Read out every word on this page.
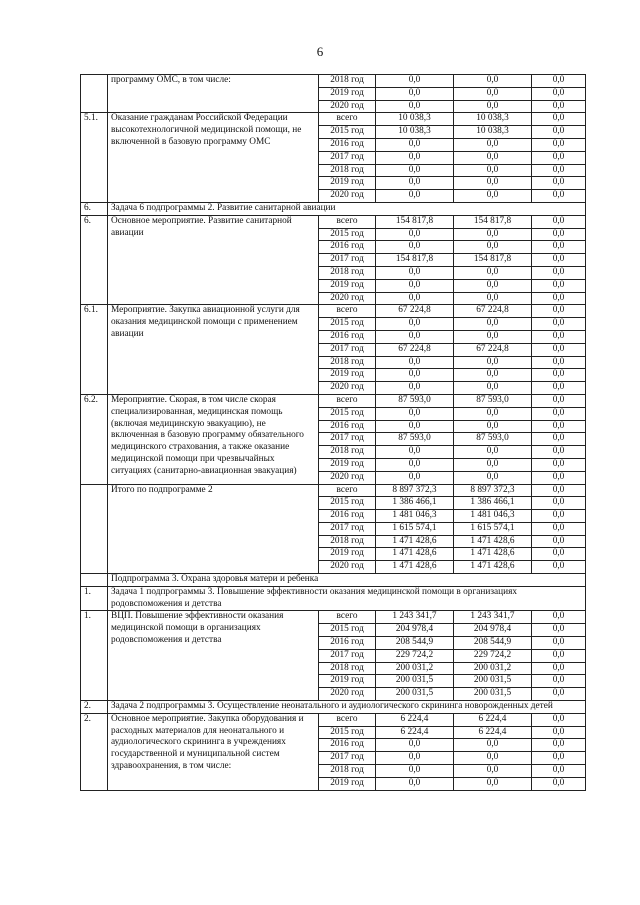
6
	программу ОМС, в том числе:	2018 год	0,0	0,0	0,0
		2019 год	0,0	0,0	0,0
		2020 год	0,0	0,0	0,0
5.1.	Оказание гражданам Российской Федерации высокотехнологичной медицинской помощи, не включенной в базовую программу ОМС	всего	10 038,3	10 038,3	0,0
		2015 год	10 038,3	10 038,3	0,0
		2016 год	0,0	0,0	0,0
		2017 год	0,0	0,0	0,0
		2018 год	0,0	0,0	0,0
		2019 год	0,0	0,0	0,0
		2020 год	0,0	0,0	0,0
6.	Задача 6 подпрограммы 2. Развитие санитарной авиации				
6.	Основное мероприятие. Развитие санитарной авиации	всего	154 817,8	154 817,8	0,0
		2015 год	0,0	0,0	0,0
		2016 год	0,0	0,0	0,0
		2017 год	154 817,8	154 817,8	0,0
		2018 год	0,0	0,0	0,0
		2019 год	0,0	0,0	0,0
		2020 год	0,0	0,0	0,0
6.1.	Мероприятие. Закупка авиационной услуги для оказания медицинской помощи с применением авиации	всего	67 224,8	67 224,8	0,0
		2015 год	0,0	0,0	0,0
		2016 год	0,0	0,0	0,0
		2017 год	67 224,8	67 224,8	0,0
		2018 год	0,0	0,0	0,0
		2019 год	0,0	0,0	0,0
		2020 год	0,0	0,0	0,0
6.2.	Мероприятие. Скорая, в том числе скорая специализированная, медицинская помощь (включая медицинскую эвакуацию), не включенная в базовую программу обязательного медицинского страхования, а также оказание медицинской помощи при чрезвычайных ситуациях (санитарно-авиационная эвакуация)	всего	87 593,0	87 593,0	0,0
		2015 год	0,0	0,0	0,0
		2016 год	0,0	0,0	0,0
		2017 год	87 593,0	87 593,0	0,0
		2018 год	0,0	0,0	0,0
		2019 год	0,0	0,0	0,0
		2020 год	0,0	0,0	0,0
	Итого по подпрограмме 2	всего	8 897 372,3	8 897 372,3	0,0
		2015 год	1 386 466,1	1 386 466,1	0,0
		2016 год	1 481 046,3	1 481 046,3	0,0
		2017 год	1 615 574,1	1 615 574,1	0,0
		2018 год	1 471 428,6	1 471 428,6	0,0
		2019 год	1 471 428,6	1 471 428,6	0,0
		2020 год	1 471 428,6	1 471 428,6	0,0
	Подпрограмма 3. Охрана здоровья матери и ребенка				
1.	Задача 1 подпрограммы 3. Повышение эффективности оказания медицинской помощи в организациях родовспоможения и детства				
1.	ВЦП. Повышение эффективности оказания медицинской помощи в организациях родовспоможения и детства	всего	1 243 341,7	1 243 341,7	0,0
		2015 год	204 978,4	204 978,4	0,0
		2016 год	208 544,9	208 544,9	0,0
		2017 год	229 724,2	229 724,2	0,0
		2018 год	200 031,2	200 031,2	0,0
		2019 год	200 031,5	200 031,5	0,0
		2020 год	200 031,5	200 031,5	0,0
2.	Задача 2 подпрограммы 3. Осуществление неонатального и аудиологического скрининга новорожденных детей				
2.	Основное мероприятие. Закупка оборудования и расходных материалов для неонатального и аудиологического скрининга в учреждениях государственной и муниципальной систем здравоохранения, в том числе:	всего	6 224,4	6 224,4	0,0
		2015 год	6 224,4	6 224,4	0,0
		2016 год	0,0	0,0	0,0
		2017 год	0,0	0,0	0,0
		2018 год	0,0	0,0	0,0
		2019 год	0,0	0,0	0,0
